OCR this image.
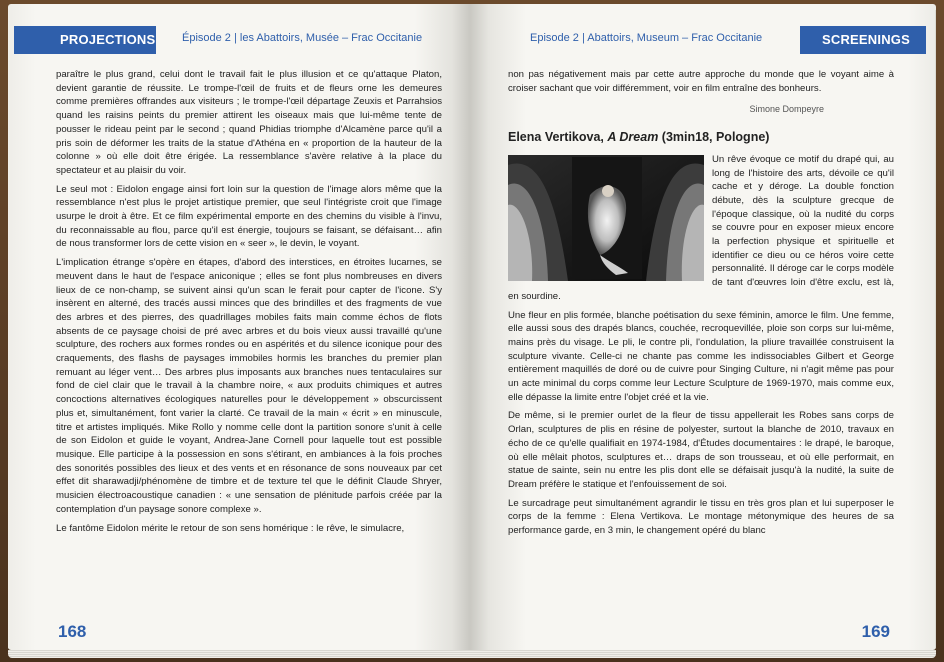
PROJECTIONS Épisode 2 | les Abattoirs, Musée – Frac Occitanie

paraître le plus grand, celui dont le travail fait le plus illusion et ce qu'attaque Platon, devient garantie de réussite. Le trompe-l'œil de fruits et de fleurs orne les demeures comme premières offrandes aux visiteurs ; le trompe-l'œil départage Zeuxis et Parrahsios quand les raisins peints du premier attirent les oiseaux mais que lui-même tente de pousser le rideau peint par le second ; quand Phidias triomphe d'Alcamène parce qu'il a pris soin de déformer les traits de la statue d'Athéna en « proportion de la hauteur de la colonne » où elle doit être érigée. La ressemblance s'avère relative à la place du spectateur et au plaisir du voir.

Le seul mot : Eidolon engage ainsi fort loin sur la question de l'image alors même que la ressemblance n'est plus le projet artistique premier, que seul l'intégriste croit que l'image usurpe le droit à être. Et ce film expérimental emporte en des chemins du visible à l'invu, du reconnaissable au flou, parce qu'il est énergie, toujours se faisant, se défaisant… afin de nous transformer lors de cette vision en « seer », le devin, le voyant.

L'implication étrange s'opère en étapes, d'abord des interstices, en étroites lucarnes, se meuvent dans le haut de l'espace aniconique ; elles se font plus nombreuses en divers lieux de ce non-champ, se suivent ainsi qu'un scan le ferait pour capter de l'icone. S'y insèrent en alterné, des tracés aussi minces que des brindilles et des fragments de vue des arbres et des pierres, des quadrillages mobiles faits main comme échos de flots absents de ce paysage choisi de pré avec arbres et du bois vieux aussi travaillé qu'une sculpture, des rochers aux formes rondes ou en aspérités et du silence iconique pour des craquements, des flashs de paysages immobiles hormis les branches du premier plan remuant au léger vent… Des arbres plus imposants aux branches nues tentaculaires sur fond de ciel clair que le travail à la chambre noire, « aux produits chimiques et autres concoctions alternatives écologiques naturelles pour le développement » obscurcissent plus et, simultanément, font varier la clarté. Ce travail de la main « écrit » en minuscule, titre et artistes impliqués. Mike Rollo y nomme celle dont la partition sonore s'unit à celle de son Eidolon et guide le voyant, Andrea-Jane Cornell pour laquelle tout est possible musique. Elle participe à la possession en sons s'étirant, en ambiances à la fois proches des sonorités possibles des lieux et des vents et en résonance de sons nouveaux par cet effet dit sharawadji/phénomène de timbre et de texture tel que le définit Claude Shryer, musicien électroacoustique canadien : « une sensation de plénitude parfois créée par la contemplation d'un paysage sonore complexe ».

Le fantôme Eidolon mérite le retour de son sens homérique : le rêve, le simulacre,

168
Episode 2 | Abattoirs, Museum – Frac Occitanie	SCREENINGS

non pas négativement mais par cette autre approche du monde que le voyant aime à croiser sachant que voir différemment, voir en film entraîne des bonheurs.

Simone Dompeyre

Elena Vertikova, A Dream (3min18, Pologne)

Un rêve évoque ce motif du drapé qui, au long de l'histoire des arts, dévoile ce qu'il cache et y déroge. La double fonction débute, dès la sculpture grecque de l'époque classique, où la nudité du corps se couvre pour en exposer mieux encore la perfection physique et spirituelle et identifier ce dieu ou ce héros voire cette personnalité. Il déroge car le corps modèle de tant d'œuvres loin d'être exclu, est là, en sourdine.

Une fleur en plis formée, blanche poétisation du sexe féminin, amorce le film. Une femme, elle aussi sous des drapés blancs, couchée, recroquevillée, ploie son corps sur lui-même, mains près du visage. Le pli, le contre pli, l'ondulation, la pliure travaillée construisent la sculpture vivante. Celle-ci ne chante pas comme les indissociables Gilbert et George entièrement maquillés de doré ou de cuivre pour Singing Culture, ni n'agit même pas pour un acte minimal du corps comme leur Lecture Sculpture de 1969-1970, mais comme eux, elle dépasse la limite entre l'objet créé et la vie.

De même, si le premier ourlet de la fleur de tissu appellerait les Robes sans corps de Orlan, sculptures de plis en résine de polyester, surtout la blanche de 2010, travaux en écho de ce qu'elle qualifiait en 1974-1984, d'Études documentaires : le drapé, le baroque, où elle mêlait photos, sculptures et… draps de son trousseau, et où elle performait, en statue de sainte, sein nu entre les plis dont elle se défaisait jusqu'à la nudité, la suite de Dream préfère le statique et l'enfouissement de soi.

Le surcadrage peut simultanément agrandir le tissu en très gros plan et lui superposer le corps de la femme : Elena Vertikova. Le montage métonymique des heures de sa performance garde, en 3 min, le changement opéré du blanc

169
